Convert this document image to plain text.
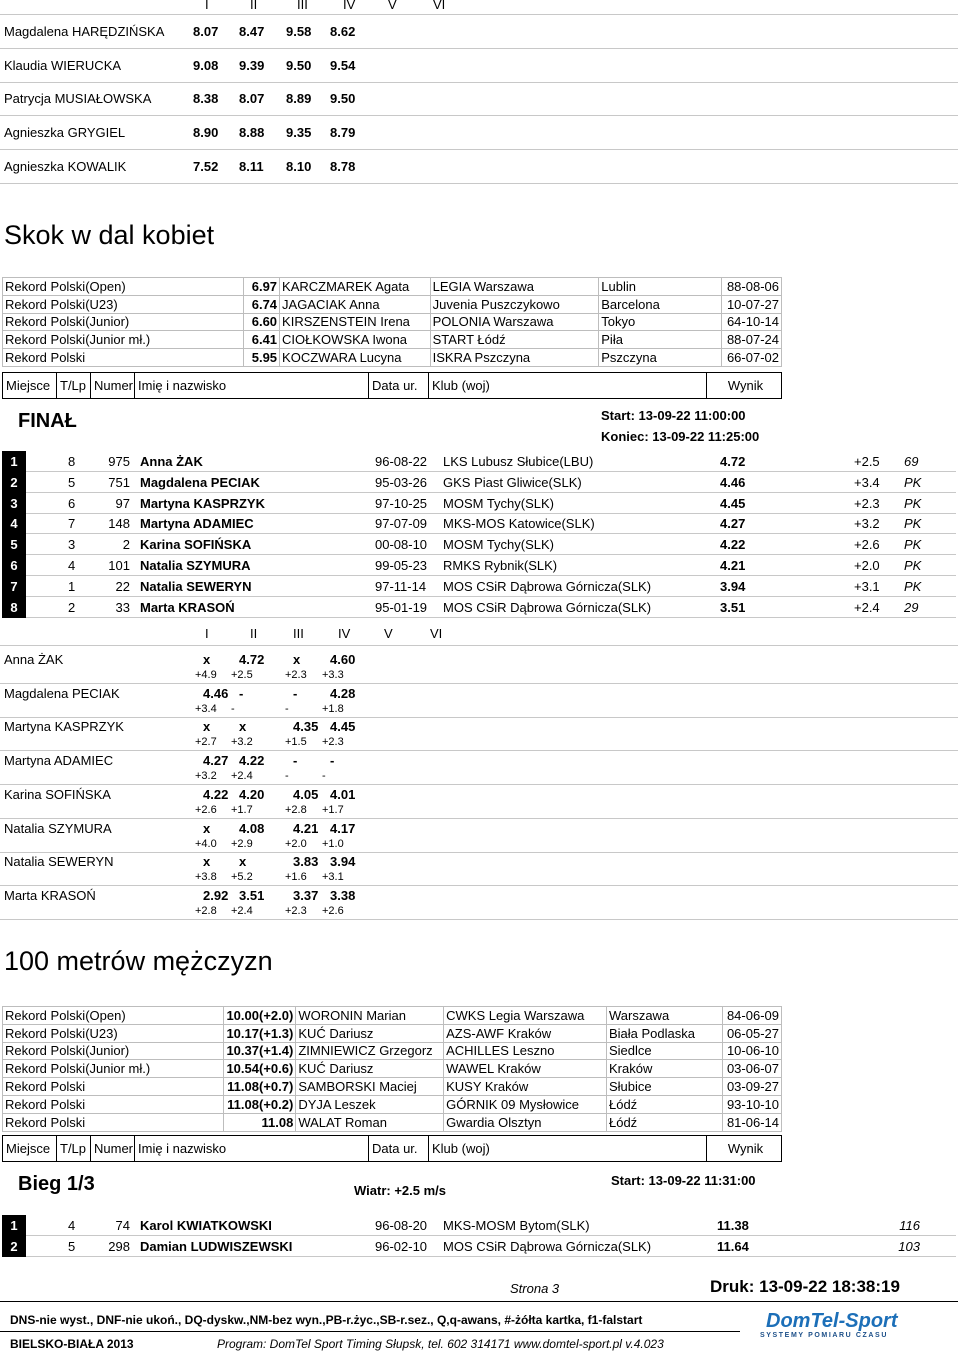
I	II	III	IV	V	VI
Magdalena HARĘDZIŃSKA 8.07 8.47 9.58 8.62
Klaudia WIERUCKA	9.08 9.39 9.50 9.54
Patrycja MUSIAŁOWSKA	8.38 8.07 8.89 9.50
Agnieszka GRYGIEL	8.90 8.88 9.35 8.79
Agnieszka KOWALIK	7.52 8.11 8.10 8.78
Skok w dal kobiet
Rekord Polski(Open)	6.97	KARCZMAREK Agata	LEGIA Warszawa	Lublin	88-08-06
Rekord Polski(U23)	6.74	JAGACIAK Anna	Juvenia Puszczykowo	Barcelona	10-07-27
Rekord Polski(Junior)	6.60	KIRSZENSTEIN Irena	POLONIA Warszawa	Tokyo	64-10-14
Rekord Polski(Junior mł.)	6.41	CIOŁKOWSKA Iwona	START Łódź	Piła	88-07-24
Rekord Polski	5.95	KOCZWARA Lucyna	ISKRA Pszczyna	Pszczyna	66-07-02
Miejsce T/Lp Numer Imię i nazwisko	Data ur.	Klub (woj)	Wynik
FINAŁ	Start: 13-09-22 11:00:00
Koniec: 13-09-22 11:25:00
1	8	975 Anna ŻAK	96-08-22 LKS Lubusz Słubice(LBU)	4.72	+2.5 69
2	5	751 Magdalena PECIAK	95-03-26 GKS Piast Gliwice(SLK)	4.46	+3.4 PK
3	6	97 Martyna KASPRZYK	97-10-25 MOSM Tychy(SLK)	4.45	+2.3 PK
4	7	148 Martyna ADAMIEC	97-07-09 MKS-MOS Katowice(SLK)	4.27	+3.2 PK
5	3	2 Karina SOFIŃSKA	00-08-10 MOSM Tychy(SLK)	4.22	+2.6 PK
6	4	101 Natalia SZYMURA	99-05-23 RMKS Rybnik(SLK)	4.21	+2.0 PK
7	1	22 Natalia SEWERYN	97-11-14 MOS CSiR Dąbrowa Górnicza(SLK)	3.94	+3.1 PK
8	2	33 Marta KRASOŃ	95-01-19 MOS CSiR Dąbrowa Górnicza(SLK)	3.51	+2.4 29
I	II	III	IV	V	VI
Anna ŻAK	x 4.72 x 4.60
+4.9 +2.5	+2.3 +3.3
Magdalena PECIAK	4.46 -	-	4.28
+3.4 -	-	+1.8
Martyna KASPRZYK	x x	4.35 4.45
+2.7 +3.2	+1.5 +2.3
Martyna ADAMIEC	4.27 4.22 -	-
+3.2 +2.4	-	-
Karina SOFIŃSKA	4.22 4.20 4.05 4.01
+2.6 +1.7	+2.8 +1.7
Natalia SZYMURA	x 4.08 4.21 4.17
+4.0 +2.9	+2.0 +1.0
Natalia SEWERYN	x x	3.83 3.94
+3.8 +5.2	+1.6 +3.1
Marta KRASOŃ	2.92 3.51 3.37 3.38
+2.8 +2.4	+2.3 +2.6
100 metrów mężczyzn
Rekord Polski(Open)	10.00(+2.0)	WORONIN Marian	CWKS Legia Warszawa	Warszawa	84-06-09
Rekord Polski(U23)	10.17(+1.3)	KUĆ Dariusz	AZS-AWF Kraków	Biała Podlaska	06-05-27
Rekord Polski(Junior)	10.37(+1.4)	ZIMNIEWICZ Grzegorz	ACHILLES Leszno	Siedlce	10-06-10
Rekord Polski(Junior mł.)	10.54(+0.6)	KUĆ Dariusz	WAWEL Kraków	Kraków	03-06-07
Rekord Polski	11.08(+0.7)	SAMBORSKI Maciej	KUSY Kraków	Słubice	03-09-27
Rekord Polski	11.08(+0.2)	DYJA Leszek	GÓRNIK 09 Mysłowice	Łódź	93-10-10
Rekord Polski	11.08	WALAT Roman	Gwardia Olsztyn	Łódź	81-06-14
Miejsce T/Lp Numer Imię i nazwisko	Data ur.	Klub (woj)	Wynik
Bieg 1/3	Wiatr: +2.5 m/s
Start: 13-09-22 11:31:00
1	4	74 Karol KWIATKOWSKI	96-08-20 MKS-MOSM Bytom(SLK)	11.38	116
2	5	298 Damian LUDWISZEWSKI	96-02-10 MOS CSiR Dąbrowa Górnicza(SLK)	11.64	103
Strona 3	Druk: 13-09-22 18:38:19
DNS-nie wyst., DNF-nie ukoń., DQ-dyskw.,NM-bez wyn.,PB-r.życ.,SB-r.sez., Q,q-awans, #-żółta kartka, f1-falstart
BIELSKO-BIAŁA 2013	Program: DomTel Sport Timing Słupsk, tel. 602 314171 www.domtel-sport.pl v.4.023
DomTel-Sport
SYSTEMY POMIARU CZASU
